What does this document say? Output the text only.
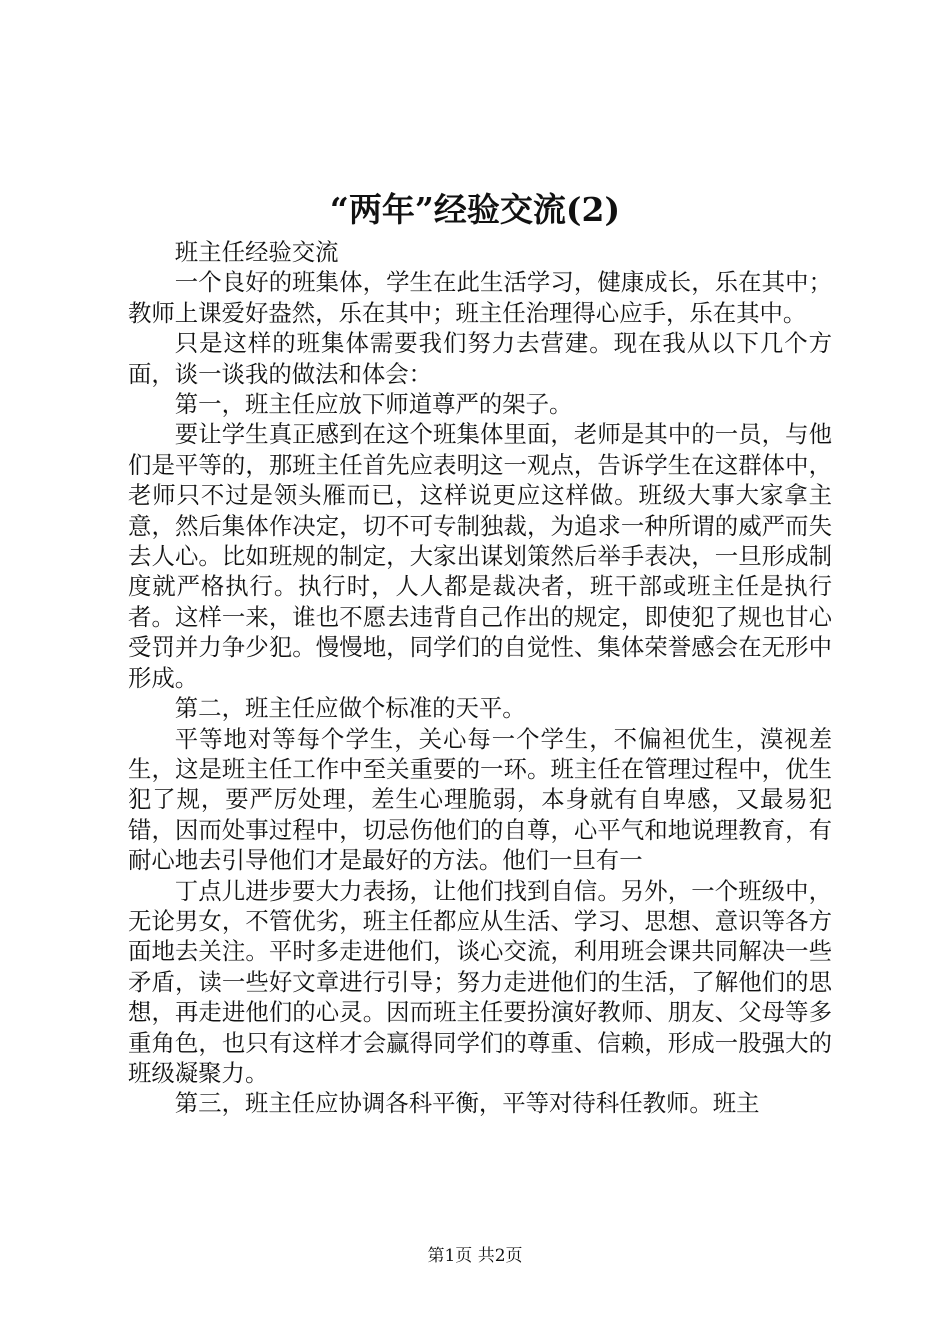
“两年”经验交流(2)

班主任经验交流

一个良好的班集体，学生在此生活学习，健康成长，乐在其中；教师上课爱好盎然，乐在其中；班主任治理得心应手，乐在其中。

只是这样的班集体需要我们努力去营建。现在我从以下几个方面，谈一谈我的做法和体会：

第一，班主任应放下师道尊严的架子。

要让学生真正感到在这个班集体里面，老师是其中的一员，与他们是平等的，那班主任首先应表明这一观点，告诉学生在这群体中，老师只不过是领头雁而已，这样说更应这样做。班级大事大家拿主意，然后集体作决定，切不可专制独裁，为追求一种所谓的威严而失去人心。比如班规的制定，大家出谋划策然后举手表决，一旦形成制度就严格执行。执行时，人人都是裁决者，班干部或班主任是执行者。这样一来，谁也不愿去违背自己作出的规定，即使犯了规也甘心受罚并力争少犯。慢慢地，同学们的自觉性、集体荣誉感会在无形中形成。

第二，班主任应做个标准的天平。

平等地对等每个学生，关心每一个学生，不偏袒优生，漠视差生，这是班主任工作中至关重要的一环。班主任在管理过程中，优生犯了规，要严厉处理，差生心理脆弱，本身就有自卑感，又最易犯错，因而处事过程中，切忌伤他们的自尊，心平气和地说理教育，有耐心地去引导他们才是最好的方法。他们一旦有一

丁点儿进步要大力表扬，让他们找到自信。另外，一个班级中，无论男女，不管优劣，班主任都应从生活、学习、思想、意识等各方面地去关注。平时多走进他们，谈心交流，利用班会课共同解决一些矛盾，读一些好文章进行引导；努力走进他们的生活，了解他们的思想，再走进他们的心灵。因而班主任要扮演好教师、朋友、父母等多重角色，也只有这样才会赢得同学们的尊重、信赖，形成一股强大的班级凝聚力。

第三，班主任应协调各科平衡，平等对待科任教师。班主

第1页 共2页
